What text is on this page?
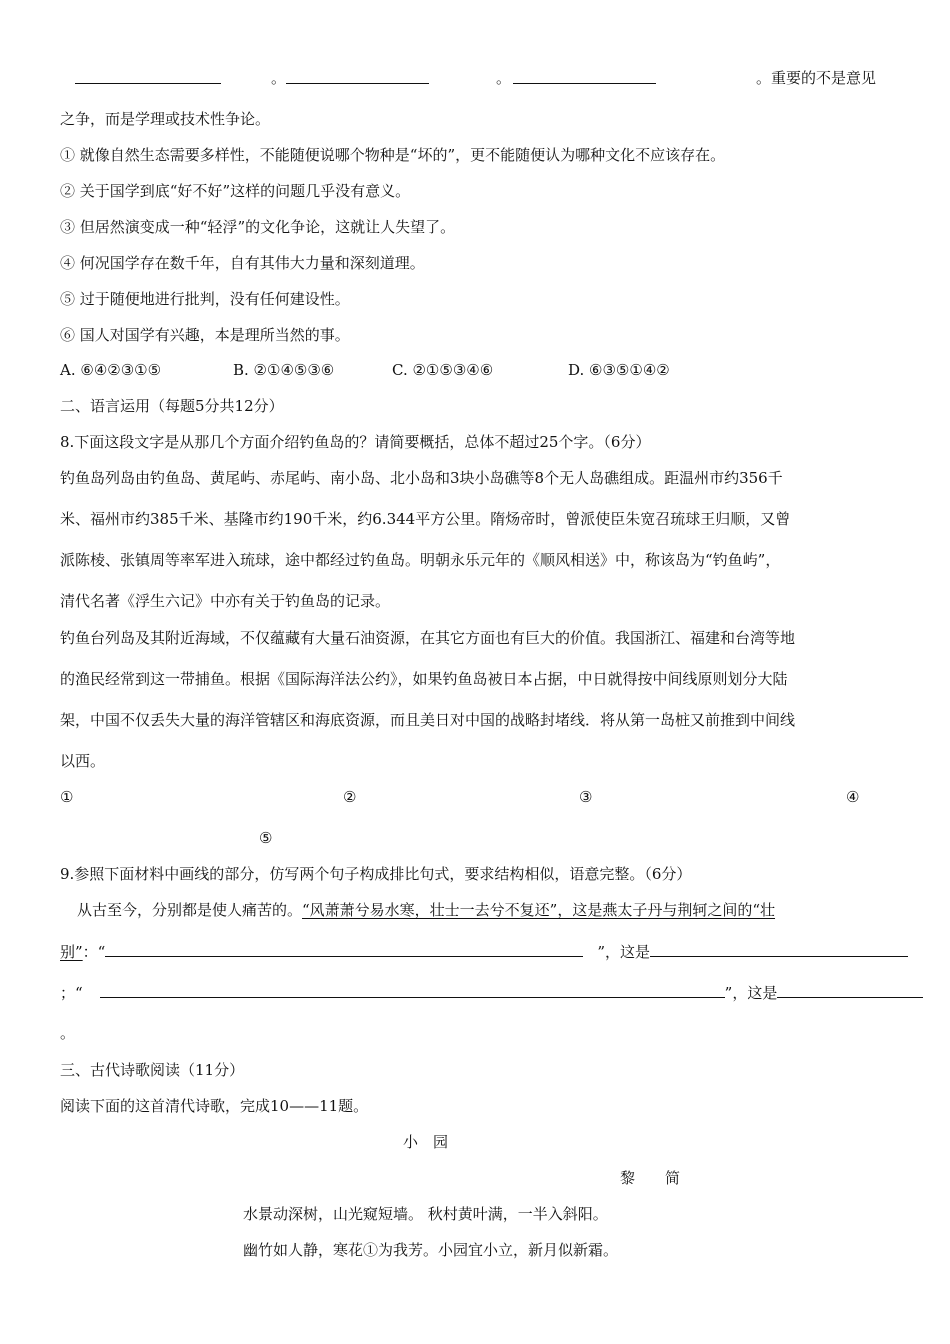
。	。	。重要的不是意见
之争，而是学理或技术性争论。
① 就像自然生态需要多样性，不能随便说哪个物种是“坏的”，更不能随便认为哪种文化不应该存在。
② 关于国学到底“好不好”这样的问题几乎没有意义。
③ 但居然演变成一种“轻浮”的文化争论，这就让人失望了。
④ 何况国学存在数千年，自有其伟大力量和深刻道理。
⑤ 过于随便地进行批判，没有任何建设性。
⑥ 国人对国学有兴趣，本是理所当然的事。
A. ⑥④②③①⑤	B. ②①④⑤③⑥	C. ②①⑤③④⑥	D. ⑥③⑤①④②
二、语言运用（每题5分共12分）
8.下面这段文字是从那几个方面介绍钓鱼岛的？请简要概括，总体不超过25个字。（6分）
钓鱼岛列岛由钓鱼岛、黄尾屿、赤尾屿、南小岛、北小岛和3块小岛礁等8个无人岛礁组成。距温州市约356千
米、福州市约385千米、基隆市约190千米，约6.344平方公里。隋炀帝时，曾派使臣朱宽召琉球王归顺，又曾
派陈棱、张镇周等率军进入琉球，途中都经过钓鱼岛。明朝永乐元年的《顺风相送》中，称该岛为“钓鱼屿”，
清代名著《浮生六记》中亦有关于钓鱼岛的记录。
钓鱼台列岛及其附近海域，不仅蕴藏有大量石油资源，在其它方面也有巨大的价值。我国浙江、福建和台湾等地
的渔民经常到这一带捕鱼。根据《国际海洋法公约》，如果钓鱼岛被日本占据，中日就得按中间线原则划分大陆
架，中国不仅丢失大量的海洋管辖区和海底资源，而且美日对中国的战略封堵线．将从第一岛桩又前推到中间线
以西。
①	②	③	④
⑤
9.参照下面材料中画线的部分，仿写两个句子构成排比句式，要求结构相似，语意完整。（6分）
从古至今，分别都是使人痛苦的。“风萧萧兮易水寒，壮士一去兮不复还”，这是燕太子丹与荆轲之间的“壮
别”：“	”，这是
；“	”，这是
。
三、古代诗歌阅读（11分）
阅读下面的这首清代诗歌，完成10——11题。
小　园
黎　　简
水景动深树，山光窥短墙。 秋村黄叶满，一半入斜阳。
幽竹如人静，寒花①为我芳。小园宜小立，新月似新霜。
